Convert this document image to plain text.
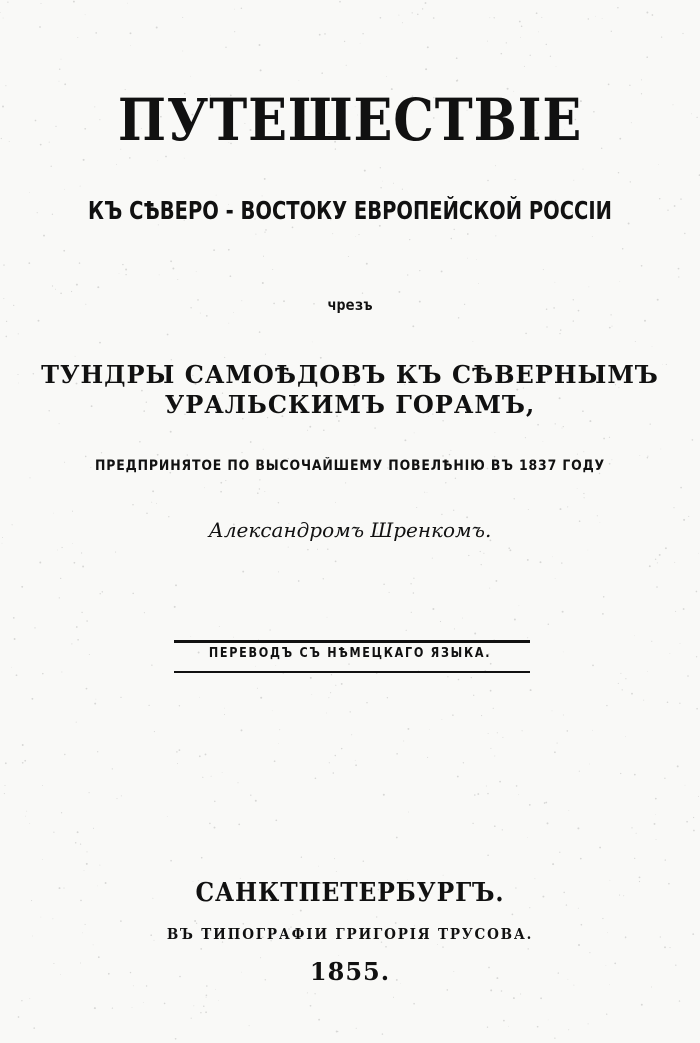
ПУТЕШЕСТВІЕ
КЪ СѢВЕРО - ВОСТОКУ ЕВРОПЕЙСКОЙ РОССІИ
чрезъ
ТУНДРЫ САМОѢДОВЪ КЪ СѢВЕРНЫМЪ
УРАЛЬСКИМЪ ГОРАМЪ,
ПРЕДПРИНЯТОЕ ПО ВЫСОЧАЙШЕМУ ПОВЕЛѢНІЮ ВЪ 1837 ГОДУ
Александромъ Шренкомъ.
ПЕРЕВОДЪ СЪ НѢМЕЦКАГО ЯЗЫКА.
САНКТПЕТЕРБУРГЪ.
ВЪ ТИПОГРАФІИ ГРИГОРІЯ ТРУСОВА.
1855.
